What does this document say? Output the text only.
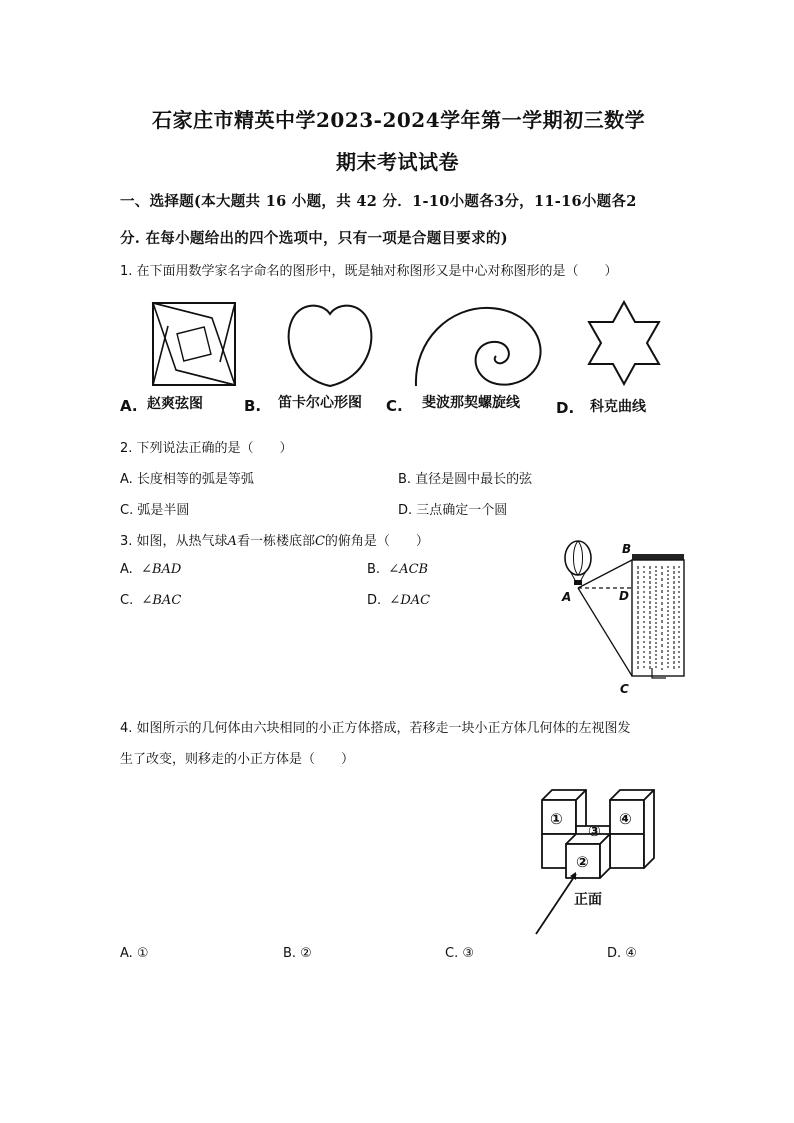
石家庄市精英中学2023-2024学年第一学期初三数学
期末考试试卷
一、选择题(本大题共 16 小题，共 42 分．1-10小题各3分，11-16小题各2
分. 在每小题给出的四个选项中，只有一项是合题目要求的)
1. 在下面用数学家名字命名的图形中，既是轴对称图形又是中心对称图形的是（　　）
A. 赵爽弦图	B. 笛卡尔心形图 C. 斐波那契螺旋线 D. 科克曲线
2. 下列说法正确的是（　　）
A. 长度相等的弧是等弧	B. 直径是圆中最长的弦
C. 弧是半圆	D. 三点确定一个圆
3. 如图，从热气球A看一栋楼底部C的俯角是（　　）
A. ∠BAD	B. ∠ACB
C. ∠BAC	D. ∠DAC
B
A	D
C
4. 如图所示的几何体由六块相同的小正方体搭成，若移走一块小正方体几何体的左视图发
生了改变，则移走的小正方体是（　　）
①
③
④
②
正面
A. ①	B. ②	C. ③	D. ④
